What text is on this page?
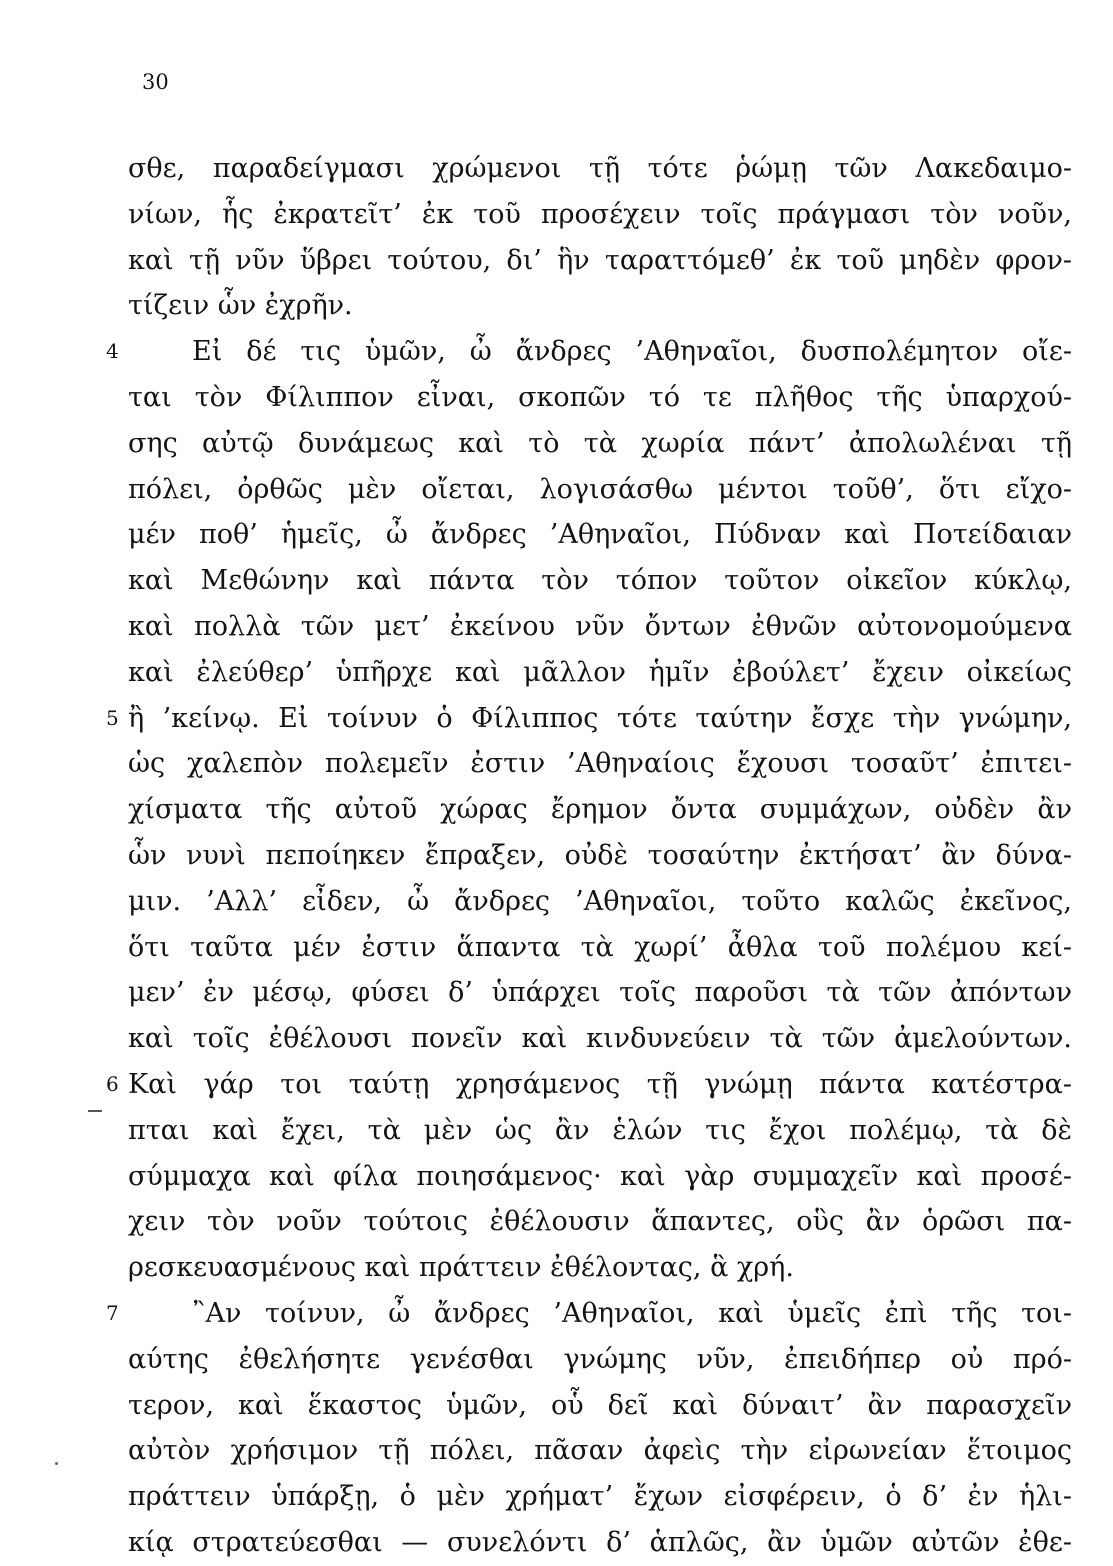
30
σθε, παραδείγμασι χρώμενοι τῇ τότε ῥώμῃ τῶν Λακεδαιμο-
νίων, ἧς ἐκρατεῖτ’ ἐκ τοῦ προσέχειν τοῖς πράγμασι τὸν νοῦν,
καὶ τῇ νῦν ὕβρει τούτου, δι’ ἣν ταραττόμεθ’ ἐκ τοῦ μηδὲν φρον-
τίζειν ὧν ἐχρῆν.
4	Εἰ δέ τις ὑμῶν, ὦ ἄνδρες ’Αθηναῖοι, δυσπολέμητον οἴε-
ται τὸν Φίλιππον εἶναι, σκοπῶν τό τε πλῆθος τῆς ὑπαρχού-
σης αὐτῷ δυνάμεως καὶ τὸ τὰ χωρία πάντ’ ἀπολωλέναι τῇ
πόλει, ὀρθῶς μὲν οἴεται, λογισάσθω μέντοι τοῦθ’, ὅτι εἴχο-
μέν ποθ’ ἡμεῖς, ὦ ἄνδρες ’Αθηναῖοι, Πύδναν καὶ Ποτείδαιαν
καὶ Μεθώνην καὶ πάντα τὸν τόπον τοῦτον οἰκεῖον κύκλῳ,
καὶ πολλὰ τῶν μετ’ ἐκείνου νῦν ὄντων ἐθνῶν αὐτονομούμενα
καὶ ἐλεύθερ’ ὑπῆρχε καὶ μᾶλλον ἡμῖν ἐβούλετ’ ἔχειν οἰκείως
5 ἢ ’κείνῳ. Εἰ τοίνυν ὁ Φίλιππος τότε ταύτην ἔσχε τὴν γνώμην,
ὡς χαλεπὸν πολεμεῖν ἐστιν ’Αθηναίοις ἔχουσι τοσαῦτ’ ἐπιτει-
χίσματα τῆς αὐτοῦ χώρας ἔρημον ὄντα συμμάχων, οὐδὲν ἂν
ὧν νυνὶ πεποίηκεν ἔπραξεν, οὐδὲ τοσαύτην ἐκτήσατ’ ἂν δύνα-
μιν. ’Αλλ’ εἶδεν, ὦ ἄνδρες ’Αθηναῖοι, τοῦτο καλῶς ἐκεῖνος,
ὅτι ταῦτα μέν ἐστιν ἅπαντα τὰ χωρί’ ἆθλα τοῦ πολέμου κεί-
μεν’ ἐν μέσῳ, φύσει δ’ ὑπάρχει τοῖς παροῦσι τὰ τῶν ἀπόντων
καὶ τοῖς ἐθέλουσι πονεῖν καὶ κινδυνεύειν τὰ τῶν ἀμελούντων.
6 Καὶ γάρ τοι ταύτῃ χρησάμενος τῇ γνώμῃ πάντα κατέστρα-
πται καὶ ἔχει, τὰ μὲν ὡς ἂν ἑλών τις ἔχοι πολέμῳ, τὰ δὲ
σύμμαχα καὶ φίλα ποιησάμενος· καὶ γὰρ συμμαχεῖν καὶ προσέ-
χειν τὸν νοῦν τούτοις ἐθέλουσιν ἅπαντες, οὓς ἂν ὁρῶσι πα-
ρεσκευασμένους καὶ πράττειν ἐθέλοντας, ἃ χρή.
7	῍Αν τοίνυν, ὦ ἄνδρες ’Αθηναῖοι, καὶ ὑμεῖς ἐπὶ τῆς τοι-
αύτης ἐθελήσητε γενέσθαι γνώμης νῦν, ἐπειδήπερ οὐ πρό-
τερον, καὶ ἕκαστος ὑμῶν, οὗ δεῖ καὶ δύναιτ’ ἂν παρασχεῖν
αὐτὸν χρήσιμον τῇ πόλει, πᾶσαν ἀφεὶς τὴν εἰρωνείαν ἕτοιμος
πράττειν ὑπάρξῃ, ὁ μὲν χρήματ’ ἔχων εἰσφέρειν, ὁ δ’ ἐν ἡλι-
κίᾳ στρατεύεσθαι — συνελόντι δ’ ἁπλῶς, ἂν ὑμῶν αὐτῶν ἐθε-
